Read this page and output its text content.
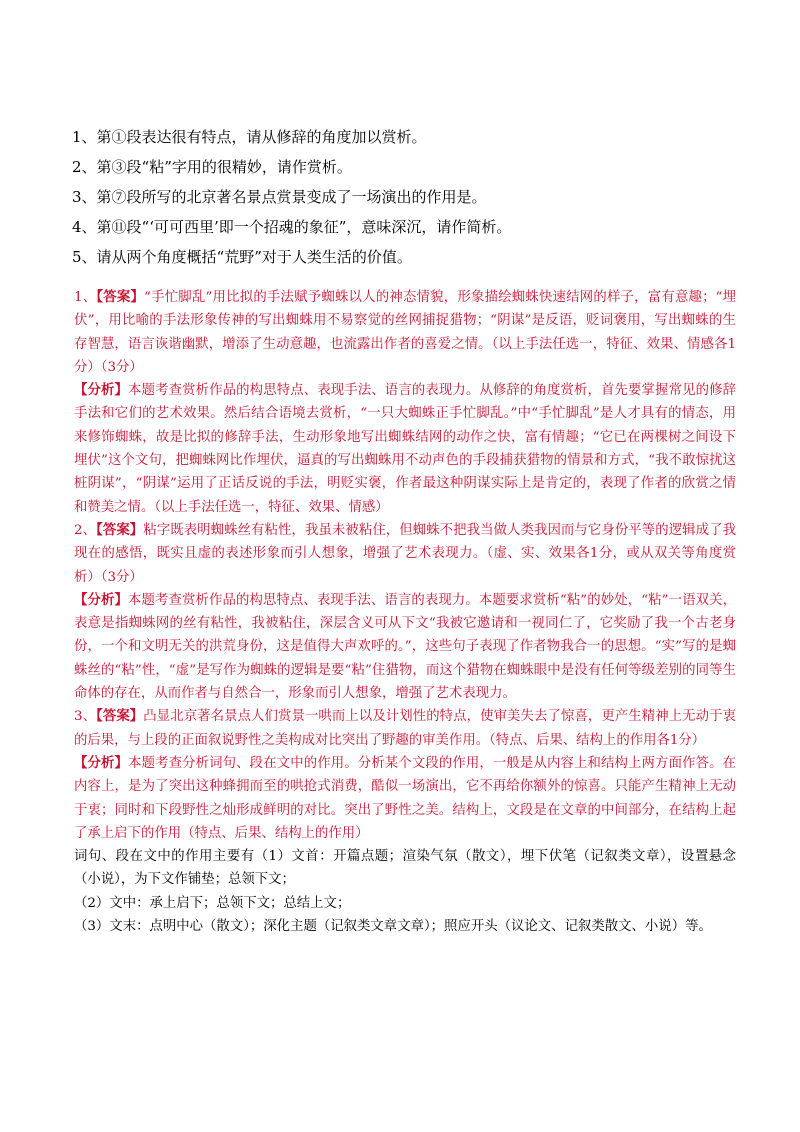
1、第①段表达很有特点，请从修辞的角度加以赏析。

2、第③段“粘”字用的很精妙，请作赏析。

3、第⑦段所写的北京著名景点赏景变成了一场演出的作用是。

4、第⑪段“‘可可西里’即一个招魂的象征”，意味深沉，请作简析。

5、请从两个角度概括“荒野”对于人类生活的价值。

1、【答案】“手忙脚乱”用比拟的手法赋予蜘蛛以人的神态情貌，形象描绘蜘蛛快速结网的样子，富有意趣；“埋伏”，用比喻的手法形象传神的写出蜘蛛用不易察觉的丝网捕捉猎物；“阴谋”是反语，贬词褒用，写出蜘蛛的生存智慧，语言诙谐幽默，增添了生动意趣，也流露出作者的喜爱之情。（以上手法任选一，特征、效果、情感各1分）（3分）

【分析】本题考查赏析作品的构思特点、表现手法、语言的表现力。从修辞的角度赏析，首先要掌握常见的修辞手法和它们的艺术效果。然后结合语境去赏析，“一只大蜘蛛正手忙脚乱。”中“手忙脚乱”是人才具有的情态，用来修饰蜘蛛，故是比拟的修辞手法，生动形象地写出蜘蛛结网的动作之快，富有情趣；“它已在两棵树之间设下埋伏”这个文句，把蜘蛛网比作埋伏，逼真的写出蜘蛛用不动声色的手段捕获猎物的情景和方式，“我不敢惊扰这桩阴谋”，“阴谋”运用了正话反说的手法，明贬实褒，作者最这种阴谋实际上是肯定的，表现了作者的欣赏之情和赞美之情。（以上手法任选一，特征、效果、情感）

2、【答案】粘字既表明蜘蛛丝有粘性，我虽未被粘住，但蜘蛛不把我当做人类我因而与它身份平等的逻辑成了我现在的感悟，既实且虚的表述形象而引人想象，增强了艺术表现力。（虚、实、效果各1分，或从双关等角度赏析）（3分）

【分析】本题考查赏析作品的构思特点、表现手法、语言的表现力。本题要求赏析“粘”的妙处，“粘”一语双关，表意是指蜘蛛网的丝有粘性，我被粘住，深层含义可从下文“我被它邀请和一视同仁了，它奖励了我一个古老身份，一个和文明无关的洪荒身份，这是值得大声欢呼的。”，这些句子表现了作者物我合一的思想。“实”写的是蜘蛛丝的“粘”性，“虚”是写作为蜘蛛的逻辑是要“粘”住猎物，而这个猎物在蜘蛛眼中是没有任何等级差别的同等生命体的存在，从而作者与自然合一，形象而引人想象，增强了艺术表现力。

3、【答案】凸显北京著名景点人们赏景一哄而上以及计划性的特点，使审美失去了惊喜，更产生精神上无动于衷的后果，与上段的正面叙说野性之美构成对比突出了野趣的审美作用。（特点、后果、结构上的作用各1分）

【分析】本题考查分析词句、段在文中的作用。分析某个文段的作用，一般是从内容上和结构上两方面作答。在内容上，是为了突出这种蜂拥而至的哄抢式消费，酷似一场演出，它不再给你额外的惊喜。只能产生精神上无动于衷；同时和下段野性之灿形成鲜明的对比。突出了野性之美。结构上，文段是在文章的中间部分，在结构上起了承上启下的作用（特点、后果、结构上的作用）

词句、段在文中的作用主要有（1）文首：开篇点题；渲染气氛（散文），埋下伏笔（记叙类文章），设置悬念（小说），为下文作铺垫；总领下文；

（2）文中：承上启下；总领下文；总结上文；

（3）文末：点明中心（散文）；深化主题（记叙类文章文章）；照应开头（议论文、记叙类散文、小说）等。
